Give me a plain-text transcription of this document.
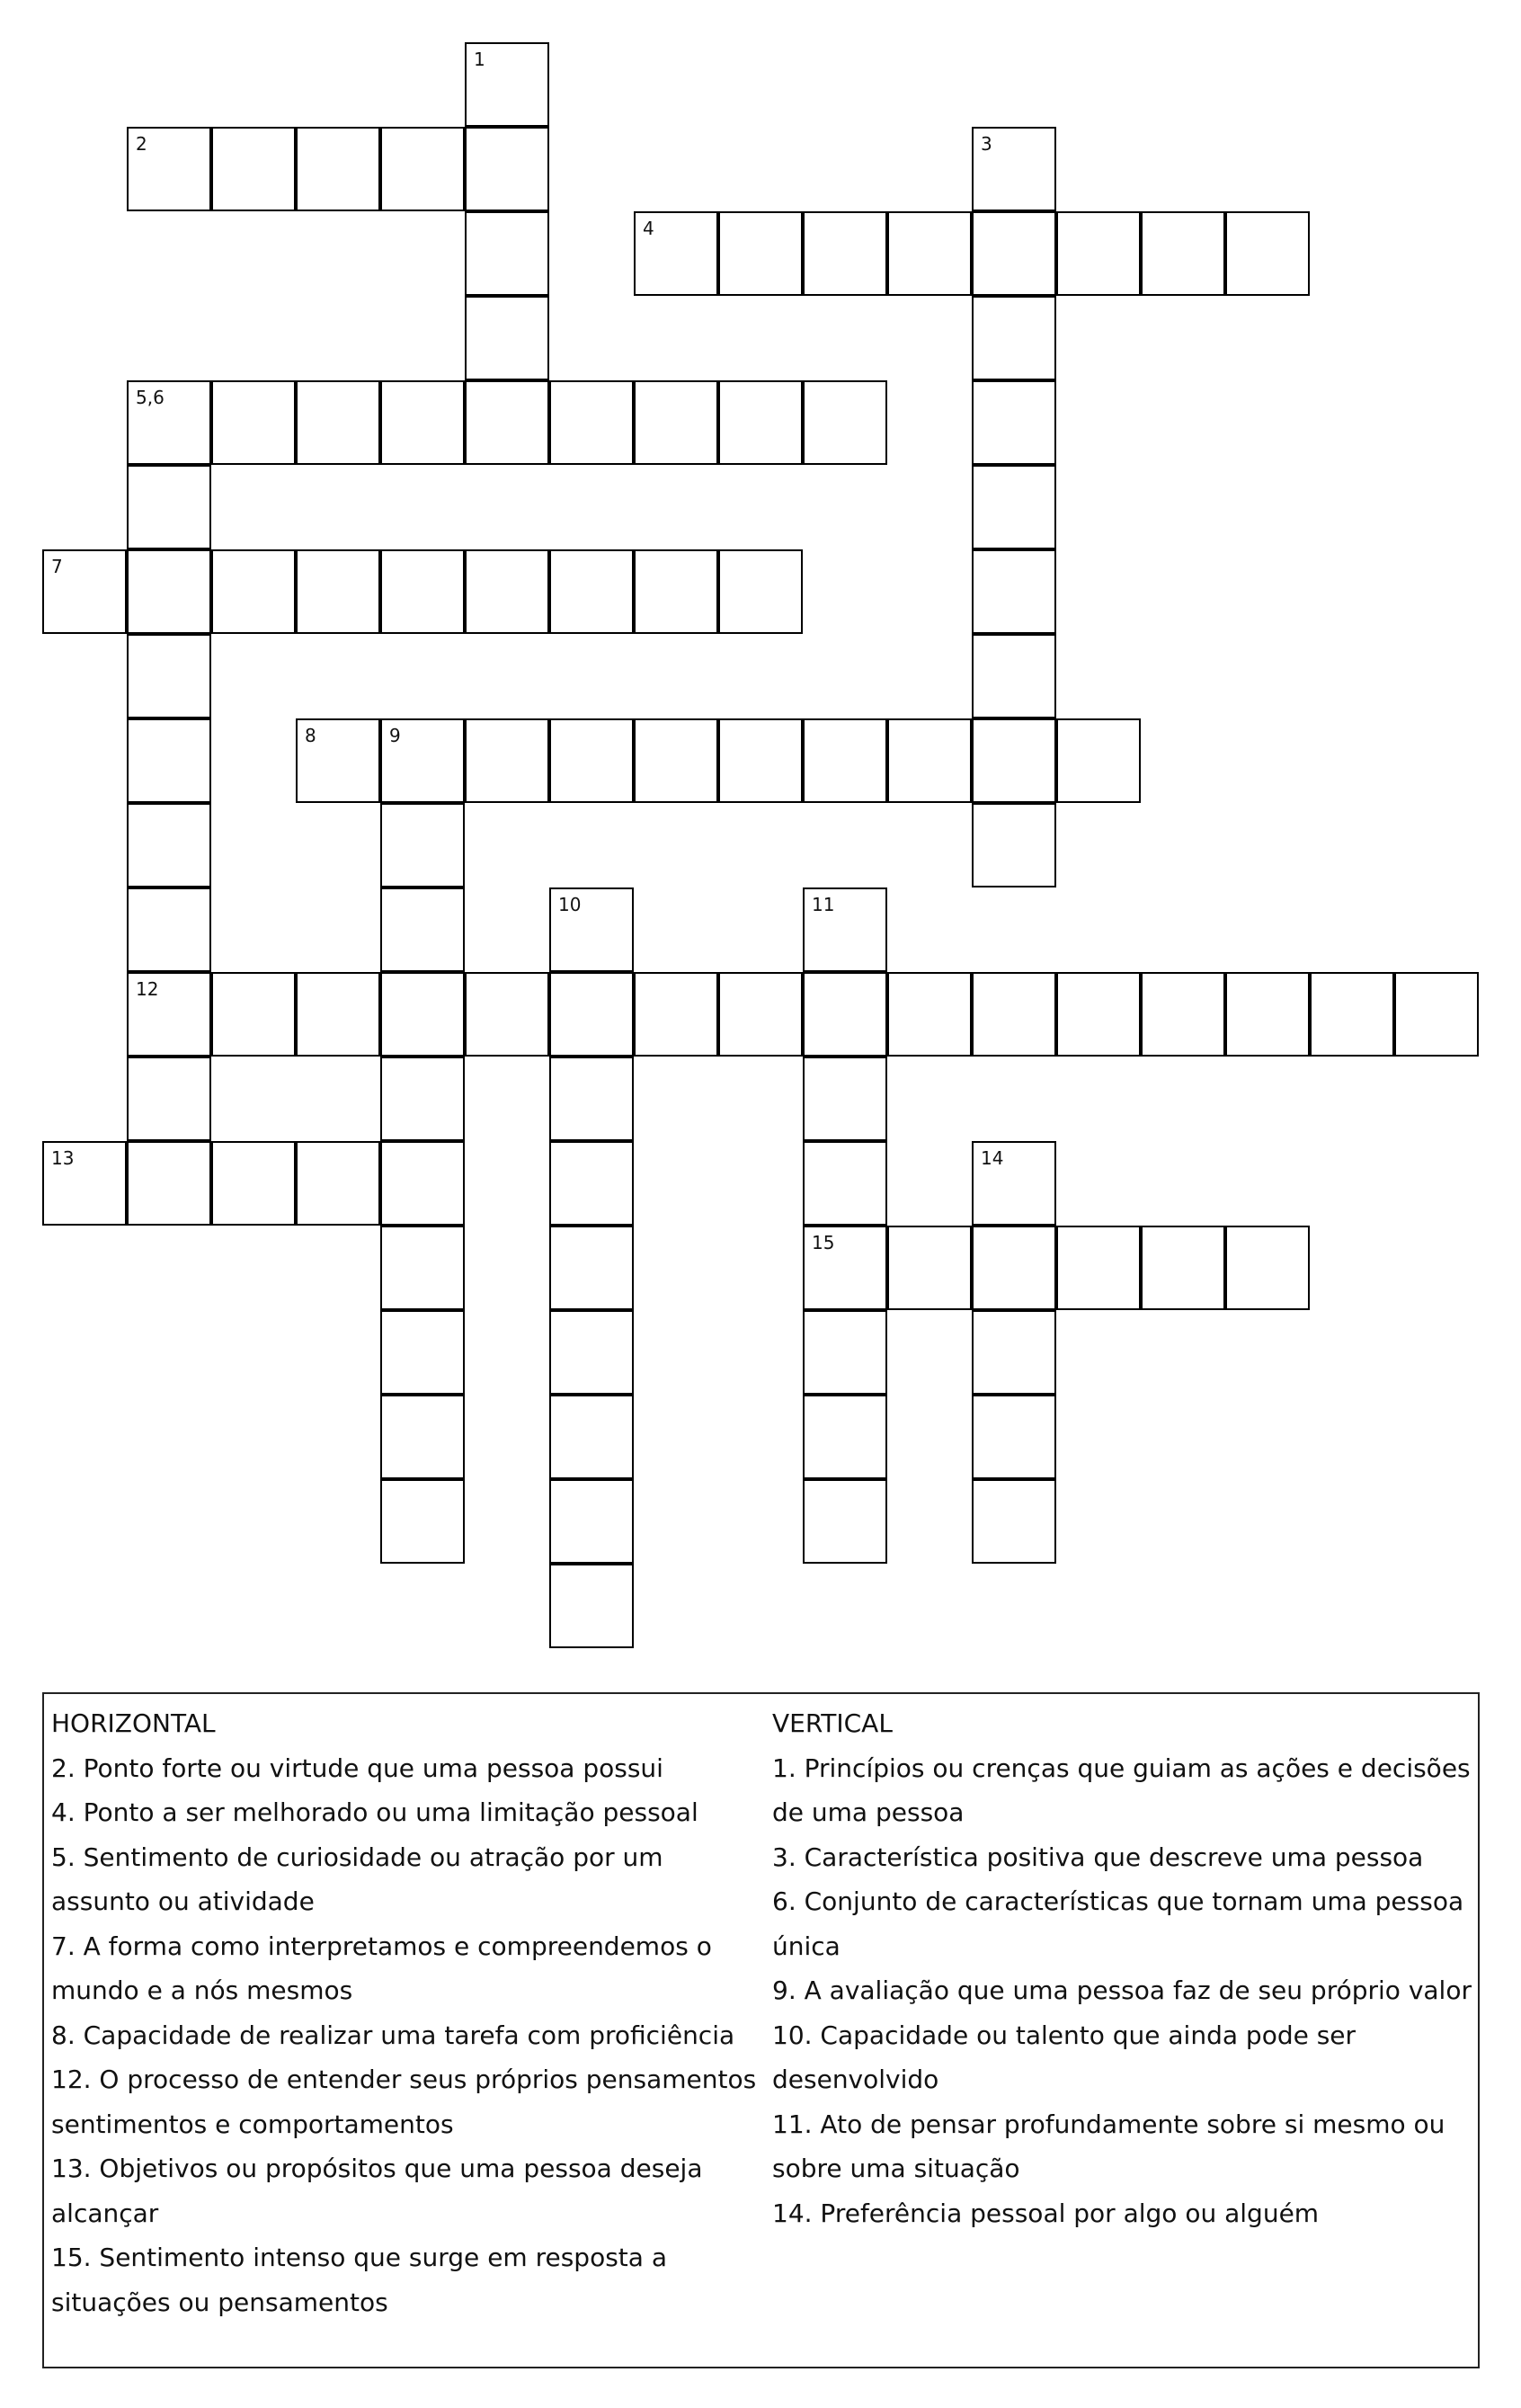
1
2	3
4
5,6
7
8	9
10	11
12
13	14
15

HORIZONTAL

2. Ponto forte ou virtude que uma pessoa possui

4. Ponto a ser melhorado ou uma limitação pessoal

5. Sentimento de curiosidade ou atração por um assunto ou atividade

7. A forma como interpretamos e compreendemos o mundo e a nós mesmos

8. Capacidade de realizar uma tarefa com proficiência

12. O processo de entender seus próprios pensamentos sentimentos e comportamentos

13. Objetivos ou propósitos que uma pessoa deseja alcançar

15. Sentimento intenso que surge em resposta a situações ou pensamentos

VERTICAL

1. Princípios ou crenças que guiam as ações e decisões de uma pessoa

3. Característica positiva que descreve uma pessoa

6. Conjunto de características que tornam uma pessoa única

9. A avaliação que uma pessoa faz de seu próprio valor

10. Capacidade ou talento que ainda pode ser desenvolvido

11. Ato de pensar profundamente sobre si mesmo ou sobre uma situação

14. Preferência pessoal por algo ou alguém
